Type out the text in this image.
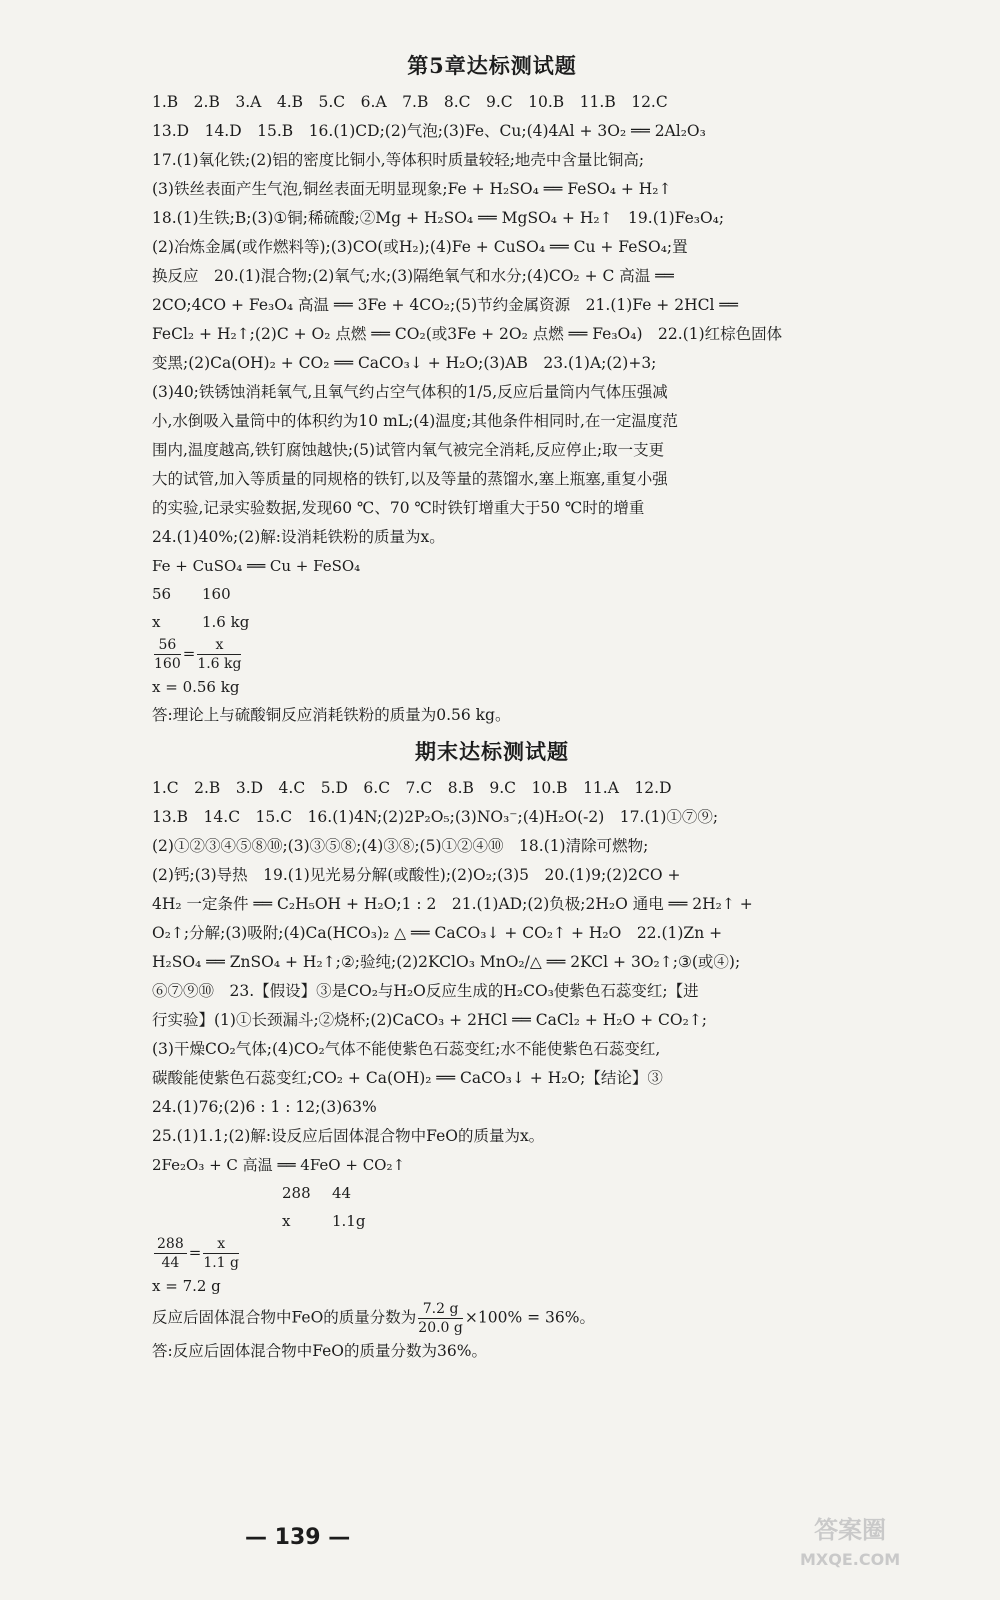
第5章达标测试题
1.B　2.B　3.A　4.B　5.C　6.A　7.B　8.C　9.C　10.B　11.B　12.C
13.D　14.D　15.B　16.(1)CD;(2)气泡;(3)Fe、Cu;(4)4Al + 3O₂ ══ 2Al₂O₃
17.(1)氧化铁;(2)铝的密度比铜小,等体积时质量较轻;地壳中含量比铜高;
(3)铁丝表面产生气泡,铜丝表面无明显现象;Fe + H₂SO₄ ══ FeSO₄ + H₂↑
18.(1)生铁;B;(3)①铜;稀硫酸;②Mg + H₂SO₄ ══ MgSO₄ + H₂↑　19.(1)Fe₃O₄;
(2)冶炼金属(或作燃料等);(3)CO(或H₂);(4)Fe + CuSO₄ ══ Cu + FeSO₄;置
换反应　20.(1)混合物;(2)氧气;水;(3)隔绝氧气和水分;(4)CO₂ + C 高温 ══
2CO;4CO + Fe₃O₄ 高温 ══ 3Fe + 4CO₂;(5)节约金属资源　21.(1)Fe + 2HCl ══
FeCl₂ + H₂↑;(2)C + O₂ 点燃 ══ CO₂(或3Fe + 2O₂ 点燃 ══ Fe₃O₄)　22.(1)红棕色固体
变黑;(2)Ca(OH)₂ + CO₂ ══ CaCO₃↓ + H₂O;(3)AB　23.(1)A;(2)+3;
(3)40;铁锈蚀消耗氧气,且氧气约占空气体积的1/5,反应后量筒内气体压强减
小,水倒吸入量筒中的体积约为10 mL;(4)温度;其他条件相同时,在一定温度范
围内,温度越高,铁钉腐蚀越快;(5)试管内氧气被完全消耗,反应停止;取一支更
大的试管,加入等质量的同规格的铁钉,以及等量的蒸馏水,塞上瓶塞,重复小强
的实验,记录实验数据,发现60 ℃、70 ℃时铁钉增重大于50 ℃时的增重
24.(1)40%;(2)解:设消耗铁粉的质量为x。
Fe + CuSO₄ ══ Cu + FeSO₄
56 160
x	1.6 kg
$\frac{56}{160} = \frac{x}{1.6 kg}$
x = 0.56 kg
答:理论上与硫酸铜反应消耗铁粉的质量为0.56 kg。
期末达标测试题
1.C　2.B　3.D　4.C　5.D　6.C　7.C　8.B　9.C　10.B　11.A　12.D
13.B　14.C　15.C　16.(1)4N;(2)2P₂O₅;(3)NO₃⁻;(4)H₂O(-2)　17.(1)①⑦⑨;
(2)①②③④⑤⑧⑩;(3)③⑤⑧;(4)③⑧;(5)①②④⑩　18.(1)清除可燃物;
(2)钙;(3)导热　19.(1)见光易分解(或酸性);(2)O₂;(3)5　20.(1)9;(2)2CO +
4H₂ 一定条件 ══ C₂H₅OH + H₂O;1 : 2　21.(1)AD;(2)负极;2H₂O 通电 ══ 2H₂↑ +
O₂↑;分解;(3)吸附;(4)Ca(HCO₃)₂ △ ══ CaCO₃↓ + CO₂↑ + H₂O　22.(1)Zn +
H₂SO₄ ══ ZnSO₄ + H₂↑;②;验纯;(2)2KClO₃ MnO₂/△ ══ 2KCl + 3O₂↑;③(或④);
⑥⑦⑨⑩　23.【假设】③是CO₂与H₂O反应生成的H₂CO₃使紫色石蕊变红;【进
行实验】(1)①长颈漏斗;②烧杯;(2)CaCO₃ + 2HCl ══ CaCl₂ + H₂O + CO₂↑;
(3)干燥CO₂气体;(4)CO₂气体不能使紫色石蕊变红;水不能使紫色石蕊变红,
碳酸能使紫色石蕊变红;CO₂ + Ca(OH)₂ ══ CaCO₃↓ + H₂O;【结论】③
24.(1)76;(2)6 : 1 : 12;(3)63%
25.(1)1.1;(2)解:设反应后固体混合物中FeO的质量为x。
2Fe₂O₃ + C 高温 ══ 4FeO + CO₂↑
288 44
x	1.1g
$\frac{288}{44} = \frac{x}{1.1 g}$
x = 7.2 g
反应后固体混合物中FeO的质量分数为 $\frac{7.2 g}{20.0 g} \times 100\% = 36\%$。
答:反应后固体混合物中FeO的质量分数为36%。
— 139 —	答案圈
MXQE.COM
